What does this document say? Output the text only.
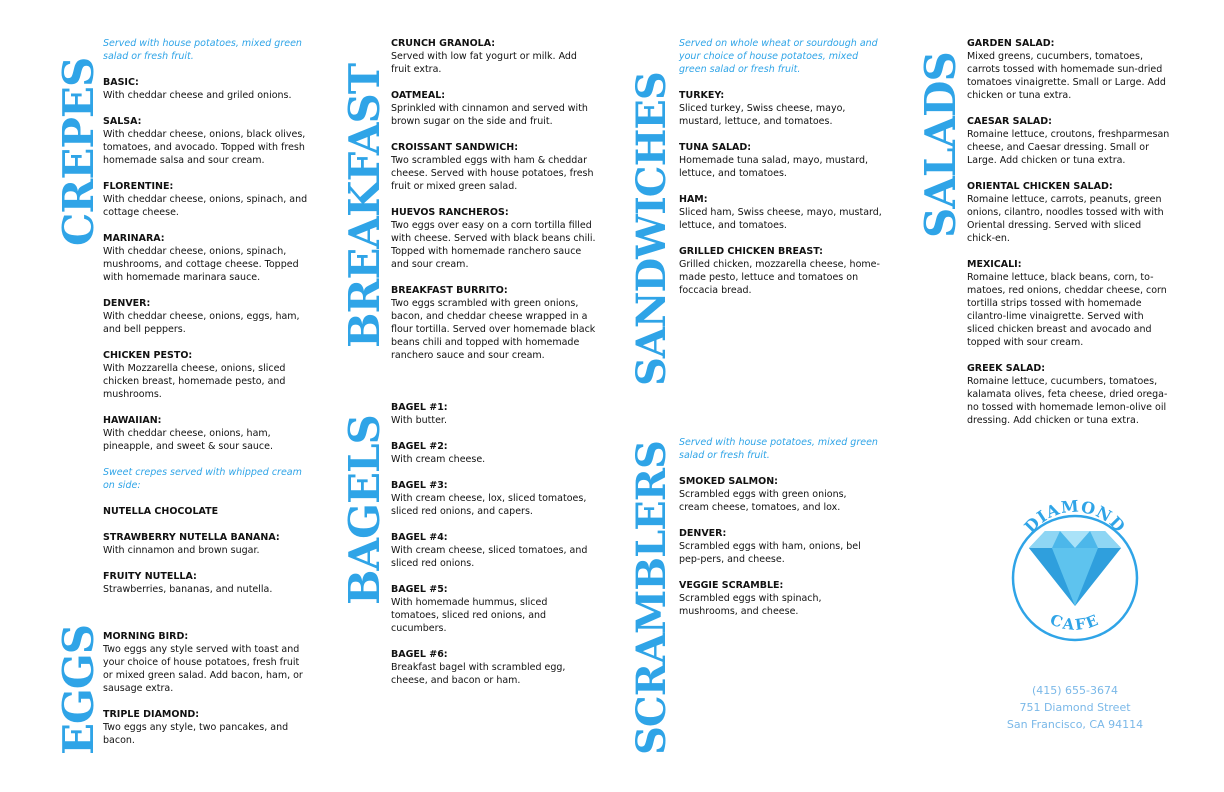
CREPES
EGGS
BREAKFAST
BAGELS
SANDWICHES
SCRAMBLERS
SALADS

Served with house potatoes, mixed green salad or fresh fruit.

BASIC:

With cheddar cheese and griled onions.

SALSA:

With cheddar cheese, onions, black olives, tomatoes, and avocado. Topped with fresh homemade salsa and sour cream.

FLORENTINE:

With cheddar cheese, onions, spinach, and cottage cheese.

MARINARA:

With cheddar cheese, onions, spinach, mushrooms, and cottage cheese. Topped with homemade marinara sauce.

DENVER:

With cheddar cheese, onions, eggs, ham, and bell peppers.

CHICKEN PESTO:

With Mozzarella cheese, onions, sliced chicken breast, homemade pesto, and mushrooms.

HAWAIIAN:

With cheddar cheese, onions, ham, pineapple, and sweet & sour sauce.

Sweet crepes served with whipped cream on side:

NUTELLA CHOCOLATE

STRAWBERRY NUTELLA BANANA:

With cinnamon and brown sugar.

FRUITY NUTELLA:

Strawberries, bananas, and nutella.

MORNING BIRD:

Two eggs any style served with toast and your choice of house potatoes, fresh fruit or mixed green salad. Add bacon, ham, or sausage extra.

TRIPLE DIAMOND:

Two eggs any style, two pancakes, and bacon.

CRUNCH GRANOLA:

Served with low fat yogurt or milk. Add fruit extra.

OATMEAL:

Sprinkled with cinnamon and served with brown sugar on the side and fruit.

CROISSANT SANDWICH:

Two scrambled eggs with ham & cheddar cheese. Served with house potatoes, fresh fruit or mixed green salad.

HUEVOS RANCHEROS:

Two eggs over easy on a corn tortilla filled with cheese. Served with black beans chili. Topped with homemade ranchero sauce and sour cream.

BREAKFAST BURRITO:

Two eggs scrambled with green onions, bacon, and cheddar cheese wrapped in a flour tortilla. Served over homemade black beans chili and topped with homemade ranchero sauce and sour cream.

BAGEL #1:

With butter.

BAGEL #2:

With cream cheese.

BAGEL #3:

With cream cheese, lox, sliced tomatoes, sliced red onions, and capers.

BAGEL #4:

With cream cheese, sliced tomatoes, and sliced red onions.

BAGEL #5:

With homemade hummus, sliced tomatoes, sliced red onions, and cucumbers.

BAGEL #6:

Breakfast bagel with scrambled egg, cheese, and bacon or ham.

Served on whole wheat or sourdough and your choice of house potatoes, mixed green salad or fresh fruit.

TURKEY:

Sliced turkey, Swiss cheese, mayo, mustard, lettuce, and tomatoes.

TUNA SALAD:

Homemade tuna salad, mayo, mustard, lettuce, and tomatoes.

HAM:

Sliced ham, Swiss cheese, mayo, mustard, lettuce, and tomatoes.

GRILLED CHICKEN BREAST:

Grilled chicken, mozzarella cheese, home-made pesto, lettuce and tomatoes on foccacia bread.

Served with house potatoes, mixed green salad or fresh fruit.

SMOKED SALMON:

Scrambled eggs with green onions, cream cheese, tomatoes, and lox.

DENVER:

Scrambled eggs with ham, onions, bel pep-pers, and cheese.

VEGGIE SCRAMBLE:

Scrambled eggs with spinach, mushrooms, and cheese.

GARDEN SALAD:

Mixed greens, cucumbers, tomatoes, carrots tossed with homemade sun-dried tomatoes vinaigrette. Small or Large. Add chicken or tuna extra.

CAESAR SALAD:

Romaine lettuce, croutons, freshparmesan cheese, and Caesar dressing. Small or Large. Add chicken or tuna extra.

ORIENTAL CHICKEN SALAD:

Romaine lettuce, carrots, peanuts, green onions, cilantro, noodles tossed with with Oriental dressing. Served with sliced chick-en.

MEXICALI:

Romaine lettuce, black beans, corn, to-matoes, red onions, cheddar cheese, corn tortilla strips tossed with homemade cilantro-lime vinaigrette. Served with sliced chicken breast and avocado and topped with sour cream.

GREEK SALAD:

Romaine lettuce, cucumbers, tomatoes, kalamata olives, feta cheese, dried orega-no tossed with homemade lemon-olive oil dressing. Add chicken or tuna extra.

DIAMOND
CAFE
(415) 655-3674
751 Diamond Street
San Francisco, CA 94114
